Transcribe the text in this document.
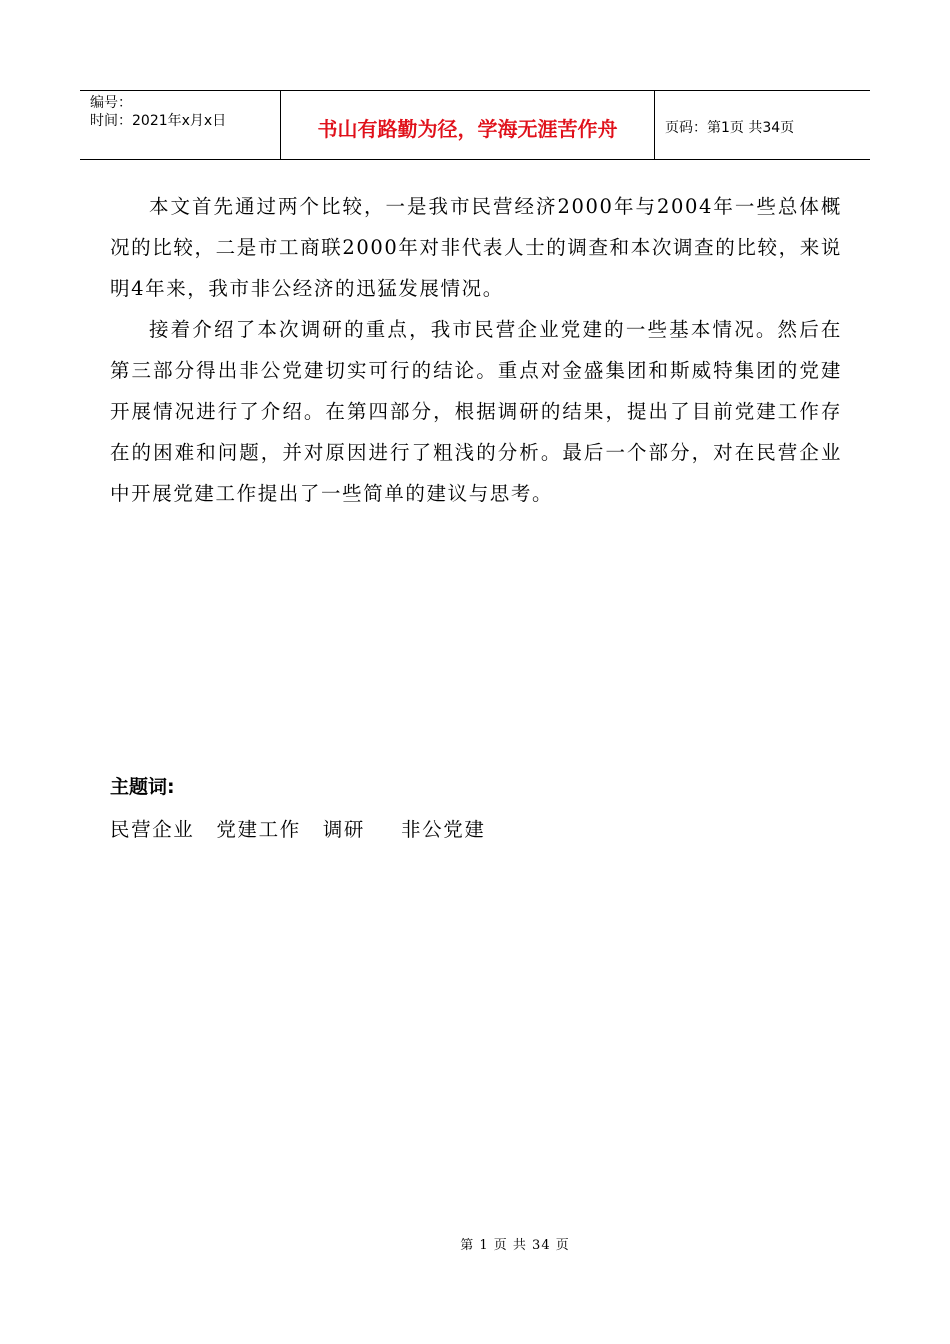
编号：
时间：2021年x月x日	书山有路勤为径，学海无涯苦作舟	页码：第1页 共34页

本文首先通过两个比较，一是我市民营经济2000年与2004年一些总体概况的比较，二是市工商联2000年对非代表人士的调查和本次调查的比较，来说明4年来，我市非公经济的迅猛发展情况。

接着介绍了本次调研的重点，我市民营企业党建的一些基本情况。然后在第三部分得出非公党建切实可行的结论。重点对金盛集团和斯威特集团的党建开展情况进行了介绍。在第四部分，根据调研的结果，提出了目前党建工作存在的困难和问题，并对原因进行了粗浅的分析。最后一个部分，对在民营企业中开展党建工作提出了一些简单的建议与思考。

主题词:

民营企业 党建工作 调研 非公党建
第 1 页 共 34 页
